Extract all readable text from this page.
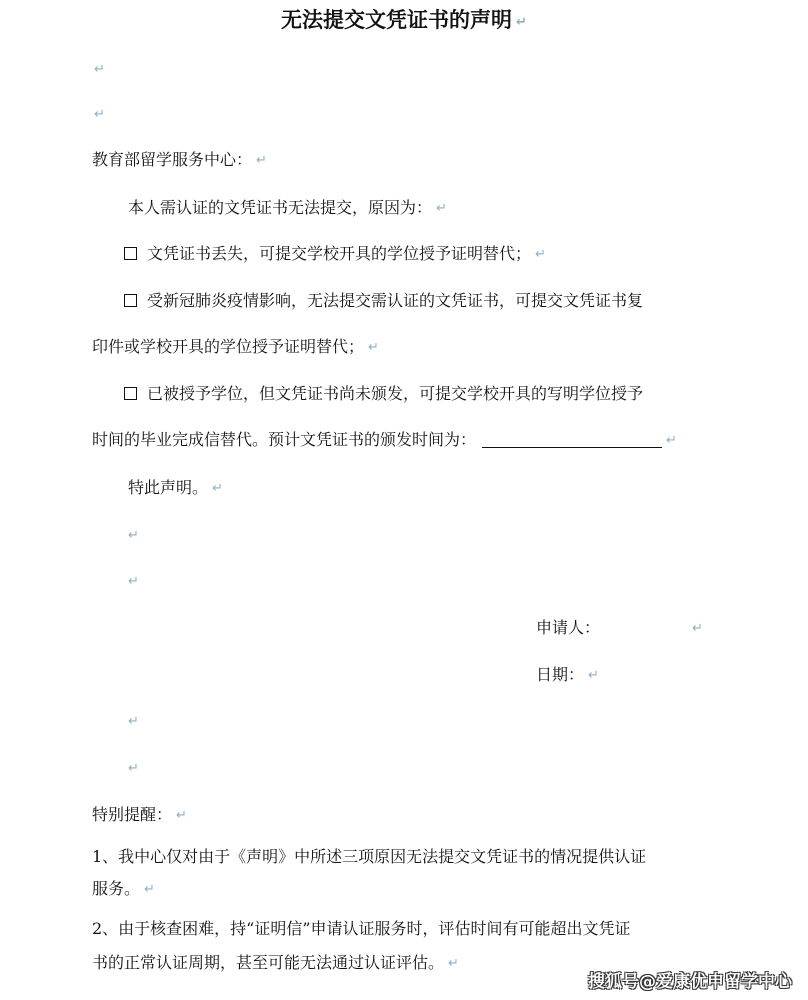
无法提交文凭证书的声明 ↵
↵
↵
教育部留学服务中心： ↵
本人需认证的文凭证书无法提交，原因为： ↵
文凭证书丢失，可提交学校开具的学位授予证明替代； ↵
受新冠肺炎疫情影响，无法提交需认证的文凭证书，可提交文凭证书复
印件或学校开具的学位授予证明替代； ↵
已被授予学位，但文凭证书尚未颁发，可提交学校开具的写明学位授予
时间的毕业完成信替代。预计文凭证书的颁发时间为：	↵
特此声明。 ↵
↵
↵
申请人：	↵
日期： ↵
↵
↵
特别提醒： ↵
1、我中心仅对由于《声明》中所述三项原因无法提交文凭证书的情况提供认证
服务。 ↵
2、由于核查困难，持“证明信”申请认证服务时，评估时间有可能超出文凭证
书的正常认证周期，甚至可能无法通过认证评估。 ↵
搜狐号@爱康优申留学中心
